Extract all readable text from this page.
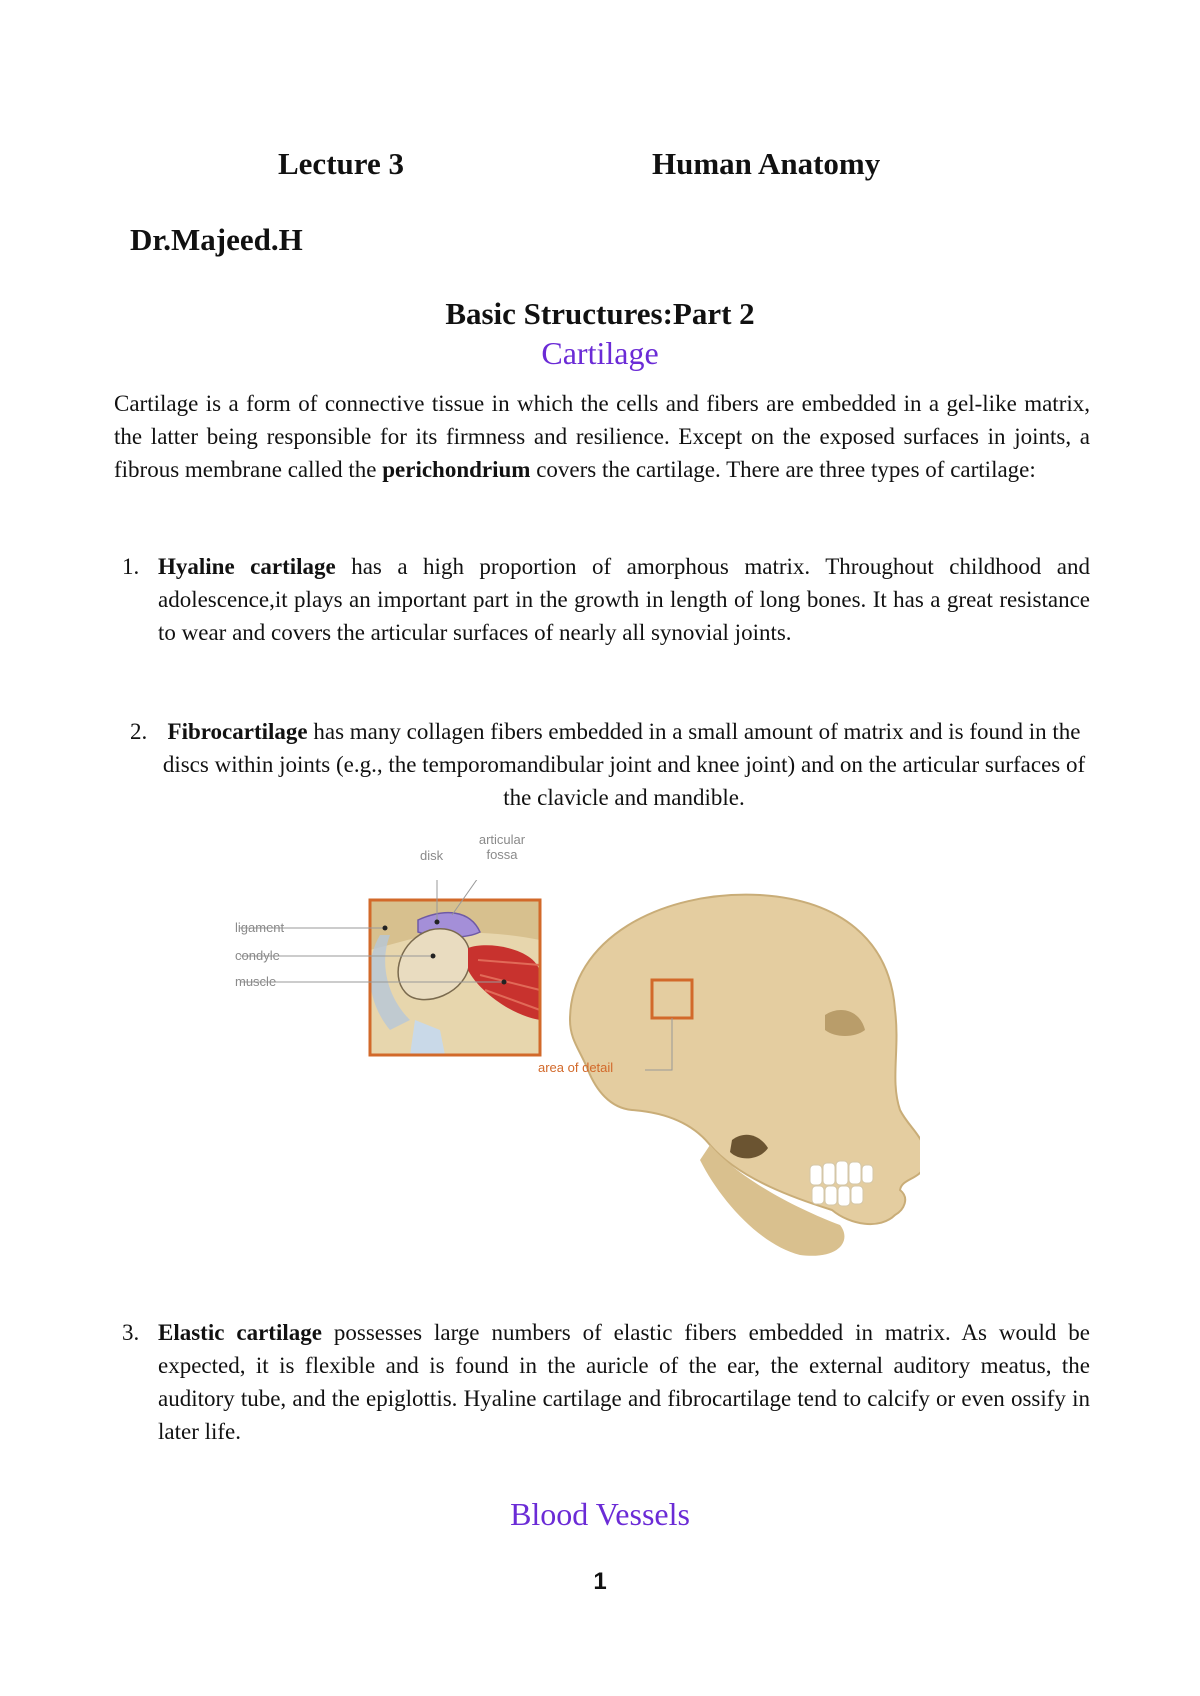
Lecture 3	Human Anatomy
Dr.Majeed.H
Basic Structures:Part 2
Cartilage
Cartilage is a form of connective tissue in which the cells and fibers are embedded in a gel-like matrix, the latter being responsible for its firmness and resilience. Except on the exposed surfaces in joints, a fibrous membrane called the perichondrium covers the cartilage. There are three types of cartilage:
1. Hyaline cartilage has a high proportion of amorphous matrix. Throughout childhood and adolescence,it plays an important part in the growth in length of long bones. It has a great resistance to wear and covers the articular surfaces of nearly all synovial joints.
2. Fibrocartilage has many collagen fibers embedded in a small amount of matrix and is found in the discs within joints (e.g., the temporomandibular joint and knee joint) and on the articular surfaces of the clavicle and mandible.
disk
articular
fossa
ligament
condyle
muscle
area of detail
3. Elastic cartilage possesses large numbers of elastic fibers embedded in matrix. As would be expected, it is flexible and is found in the auricle of the ear, the external auditory meatus, the auditory tube, and the epiglottis. Hyaline cartilage and fibrocartilage tend to calcify or even ossify in later life.
Blood Vessels
1
